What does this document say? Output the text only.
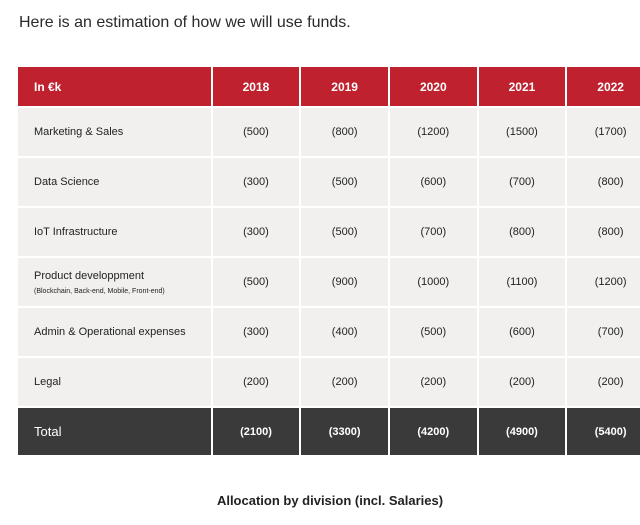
Here is an estimation of how we will use funds.
In €k	2018	2019	2020	2021	2022
Marketing & Sales	(500)	(800)	(1200)	(1500)	(1700)
Data Science	(300)	(500)	(600)	(700)	(800)
IoT Infrastructure	(300)	(500)	(700)	(800)	(800)
Product developpment
(Blockchain, Back-end, Mobile, Front-end)	(500)	(900)	(1000)	(1100)	(1200)
Admin & Operational expenses	(300)	(400)	(500)	(600)	(700)
Legal	(200)	(200)	(200)	(200)	(200)
Total	(2100)	(3300)	(4200)	(4900)	(5400)
Allocation by division (incl. Salaries)
